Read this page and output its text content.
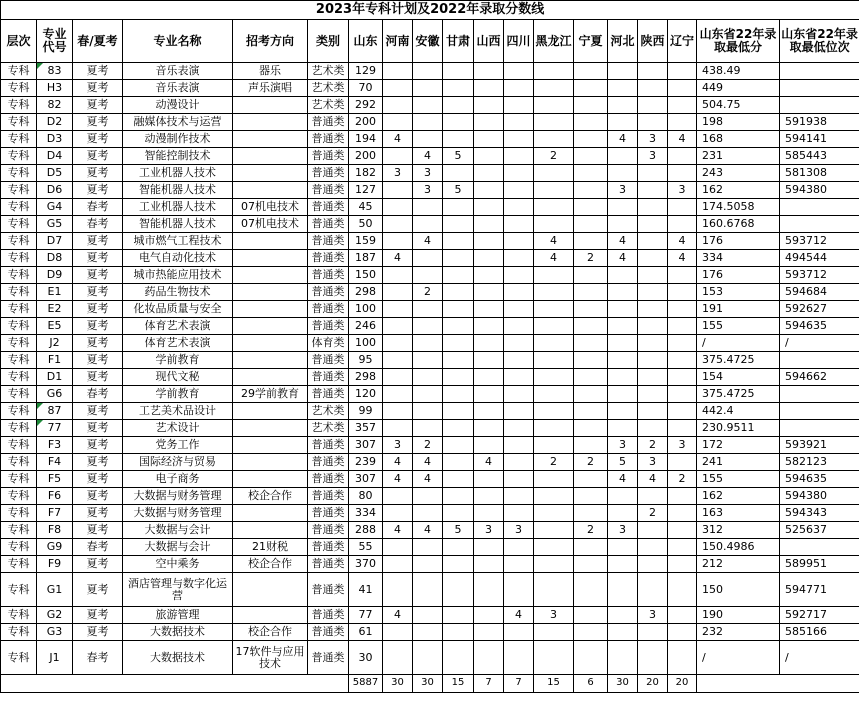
2023年专科计划及2022年录取分数线																		
层次	专业代号	春/夏考	专业名称	招考方向	类别	山东	河南	安徽	甘肃	山西	四川	黑龙江	宁夏	河北	陕西	辽宁	山东省22年录取最低分	山东省22年录取最低位次
专科	83	夏考	音乐表演	器乐	艺术类	129											438.49	
专科	H3	夏考	音乐表演	声乐演唱	艺术类	70											449	
专科	82	夏考	动漫设计		艺术类	292											504.75	
专科	D2	夏考	融媒体技术与运营		普通类	200											198	591938
专科	D3	夏考	动漫制作技术		普通类	194	4							4	3	4	168	594141
专科	D4	夏考	智能控制技术		普通类	200		4	5			2			3		231	585443
专科	D5	夏考	工业机器人技术		普通类	182	3	3									243	581308
专科	D6	夏考	智能机器人技术		普通类	127		3	5					3		3	162	594380
专科	G4	春考	工业机器人技术	07机电技术	普通类	45											174.5058	
专科	G5	春考	智能机器人技术	07机电技术	普通类	50											160.6768	
专科	D7	夏考	城市燃气工程技术		普通类	159		4				4		4		4	176	593712
专科	D8	夏考	电气自动化技术		普通类	187	4					4	2	4		4	334	494544
专科	D9	夏考	城市热能应用技术		普通类	150											176	593712
专科	E1	夏考	药品生物技术		普通类	298		2									153	594684
专科	E2	夏考	化妆品质量与安全		普通类	100											191	592627
专科	E5	夏考	体育艺术表演		普通类	246											155	594635
专科	J2	夏考	体育艺术表演		体育类	100											/	/
专科	F1	夏考	学前教育		普通类	95											375.4725	
专科	D1	夏考	现代文秘		普通类	298											154	594662
专科	G6	春考	学前教育	29学前教育	普通类	120											375.4725	
专科	87	夏考	工艺美术品设计		艺术类	99											442.4	
专科	77	夏考	艺术设计		艺术类	357											230.9511	
专科	F3	夏考	党务工作		普通类	307	3	2						3	2	3	172	593921
专科	F4	夏考	国际经济与贸易		普通类	239	4	4		4		2	2	5	3		241	582123
专科	F5	夏考	电子商务		普通类	307	4	4						4	4	2	155	594635
专科	F6	夏考	大数据与财务管理	校企合作	普通类	80											162	594380
专科	F7	夏考	大数据与财务管理		普通类	334									2		163	594343
专科	F8	夏考	大数据与会计		普通类	288	4	4	5	3	3		2	3			312	525637
专科	G9	春考	大数据与会计	21财税	普通类	55											150.4986	
专科	F9	夏考	空中乘务	校企合作	普通类	370											212	589951
专科	G1	夏考	酒店管理与数字化运营		普通类	41											150	594771
专科	G2	夏考	旅游管理		普通类	77	4				4	3			3		190	592717
专科	G3	夏考	大数据技术	校企合作	普通类	61											232	585166
专科	J1	春考	大数据技术	17软件与应用技术	普通类	30											/	/
						5887	30	30	15	7	7	15	6	30	20	20		
